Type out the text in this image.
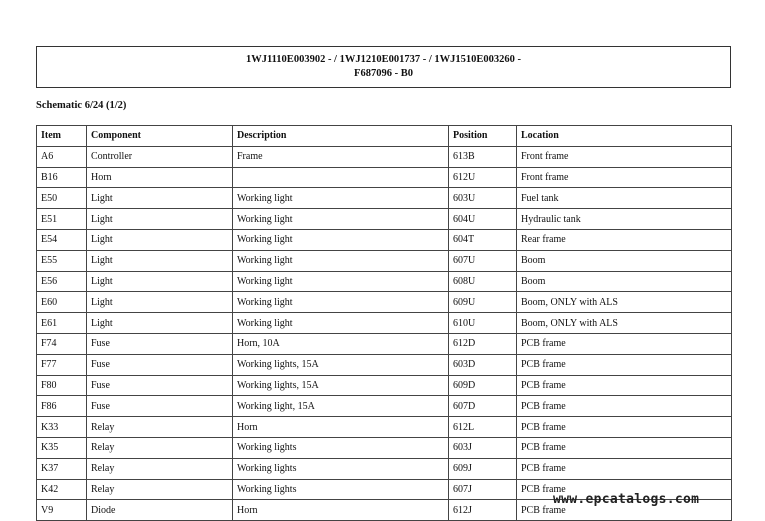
1WJ1110E003902 - / 1WJ1210E001737 - / 1WJ1510E003260 -
F687096 - B0
Schematic 6/24 (1/2)
Item	Component	Description	Position	Location
A6	Controller	Frame	613B	Front frame
B16	Horn		612U	Front frame
E50	Light	Working light	603U	Fuel tank
E51	Light	Working light	604U	Hydraulic tank
E54	Light	Working light	604T	Rear frame
E55	Light	Working light	607U	Boom
E56	Light	Working light	608U	Boom
E60	Light	Working light	609U	Boom, ONLY with ALS
E61	Light	Working light	610U	Boom, ONLY with ALS
F74	Fuse	Horn, 10A	612D	PCB frame
F77	Fuse	Working lights, 15A	603D	PCB frame
F80	Fuse	Working lights, 15A	609D	PCB frame
F86	Fuse	Working light, 15A	607D	PCB frame
K33	Relay	Horn	612L	PCB frame
K35	Relay	Working lights	603J	PCB frame
K37	Relay	Working lights	609J	PCB frame
K42	Relay	Working lights	607J	PCB frame
V9	Diode	Horn	612J	PCB frame
www.epcatalogs.com
